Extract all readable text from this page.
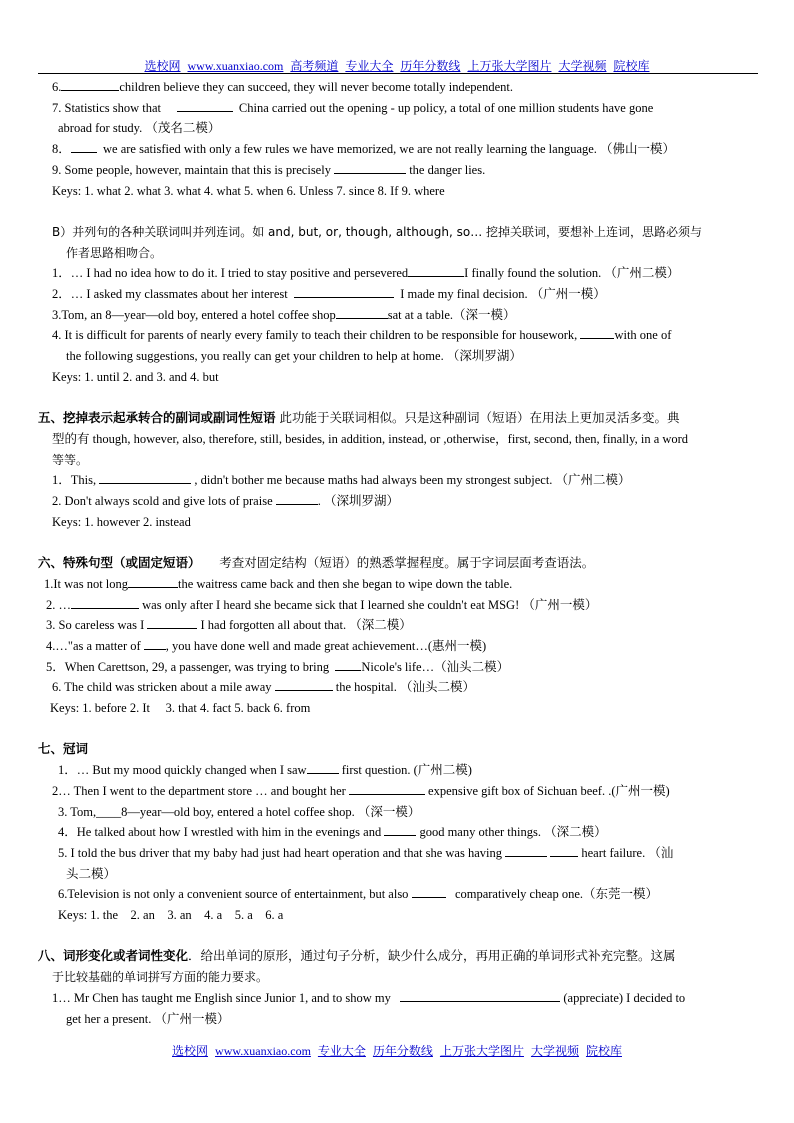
选校网 www.xuanxiao.com 高考频道 专业大全 历年分数线 上万张大学图片 大学视频 院校库
6.	children believe they can succeed, they will never become totally independent.
7. Statistics show that	China carried out the opening - up policy, a total of one million students have gone
abroad for study. （茂名二模）
8．	we are satisfied with only a few rules we have memorized, we are not really learning the language. （佛山一模）
9. Some people, however, maintain that this is precisely	the danger lies.
Keys: 1. what 2. what 3. what 4. what 5. when 6. Unless 7. since 8. If 9. where
B）并列句的各种关联词叫并列连词。如 and, but, or, though, although, so… 挖掉关联词，要想补上连词，思路必须与
作者思路相吻合。
1．… I had no idea how to do it. I tried to stay positive and persevered	I finally found the solution. （广州二模）
2．… I asked my classmates about her interest	I made my final decision. （广州一模）
3.Tom, an 8—year—old boy, entered a hotel coffee shop	sat at a table.（深一模）
4. It is difficult for parents of nearly every family to teach their children to be responsible for housework,	with one of
the following suggestions, you really can get your children to help at home. （深圳罗湖）
Keys: 1. until 2. and 3. and 4. but
五、挖掉表示起承转合的副词或副词性短语 此功能于关联词相似。只是这种副词（短语）在用法上更加灵活多变。典
型的有 though, however, also, therefore, still, besides, in addition, instead, or ,otherwise，first, second, then, finally, in a word
等等。
1．This,	, didn't bother me because maths had always been my strongest subject. （广州二模）
2. Don't always scold and give lots of praise	. （深圳罗湖）
Keys: 1. however 2. instead
六、特殊句型（或固定短语）　　考查对固定结构（短语）的熟悉掌握程度。属于字词层面考查语法。
1.It was not long	the waitress came back and then she began to wipe down the table.
2. …	was only after I heard she became sick that I learned she couldn't eat MSG! （广州一模）
3. So careless was I	I had forgotten all about that. （深二模）
4.…"as a matter of , you have done well and made great achievement…(惠州一模)
5．When Carettson, 29, a passenger, was trying to bring	Nicole's life…（汕头二模）
6. The child was stricken about a mile away	the hospital. （汕头二模）
Keys: 1. before 2. It　 3. that 4. fact 5. back 6. from
七、冠词
1．… But my mood quickly changed when I saw	first question. (广州二模)
2… Then I went to the department store … and bought her	expensive gift box of Sichuan beef. .(广州一模)
3. Tom,____8—year—old boy, entered a hotel coffee shop. （深一模）
4．He talked about how I wrestled with him in the evenings and	good many other things. （深二模）
5. I told the bus driver that my baby had just had heart operation and that she was having	heart failure. （汕
头二模）
6.Television is not only a convenient source of entertainment, but also	comparatively cheap one.（东莞一模）
Keys: 1. the　2. an　3. an　4. a　5. a　6. a
八、词形变化或者词性变化．给出单词的原形，通过句子分析，缺少什么成分，再用正确的单词形式补充完整。这属
于比较基础的单词拼写方面的能力要求。
1… Mr Chen has taught me English since Junior 1, and to show my	(appreciate) I decided to
get her a present. （广州一模）
选校网 www.xuanxiao.com 专业大全 历年分数线 上万张大学图片 大学视频 院校库
